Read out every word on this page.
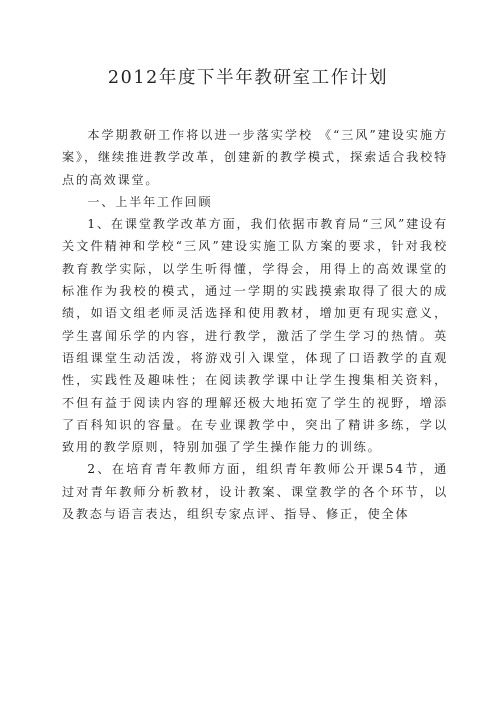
2012年度下半年教研室工作计划

本学期教研工作将以进一步落实学校 《“三风”建设实施方案》，继续推进教学改革，创建新的教学模式，探索适合我校特点的高效课堂。

一、上半年工作回顾

1、在课堂教学改革方面，我们依据市教育局“三风”建设有关文件精神和学校“三风”建设实施工队方案的要求，针对我校教育教学实际，以学生听得懂，学得会，用得上的高效课堂的标准作为我校的模式，通过一学期的实践摸索取得了很大的成绩，如语文组老师灵活选择和使用教材，增加更有现实意义，学生喜闻乐学的内容，进行教学，激活了学生学习的热情。英语组课堂生动活泼，将游戏引入课堂，体现了口语教学的直观性，实践性及趣味性；在阅读教学课中让学生搜集相关资料，不但有益于阅读内容的理解还极大地拓宽了学生的视野，增添了百科知识的容量。在专业课教学中，突出了精讲多练，学以致用的教学原则，特别加强了学生操作能力的训练。

2、在培育青年教师方面，组织青年教师公开课54节，通过对青年教师分析教材，设计教案、课堂教学的各个环节，以及教态与语言表达，组织专家点评、指导、修正，使全体
